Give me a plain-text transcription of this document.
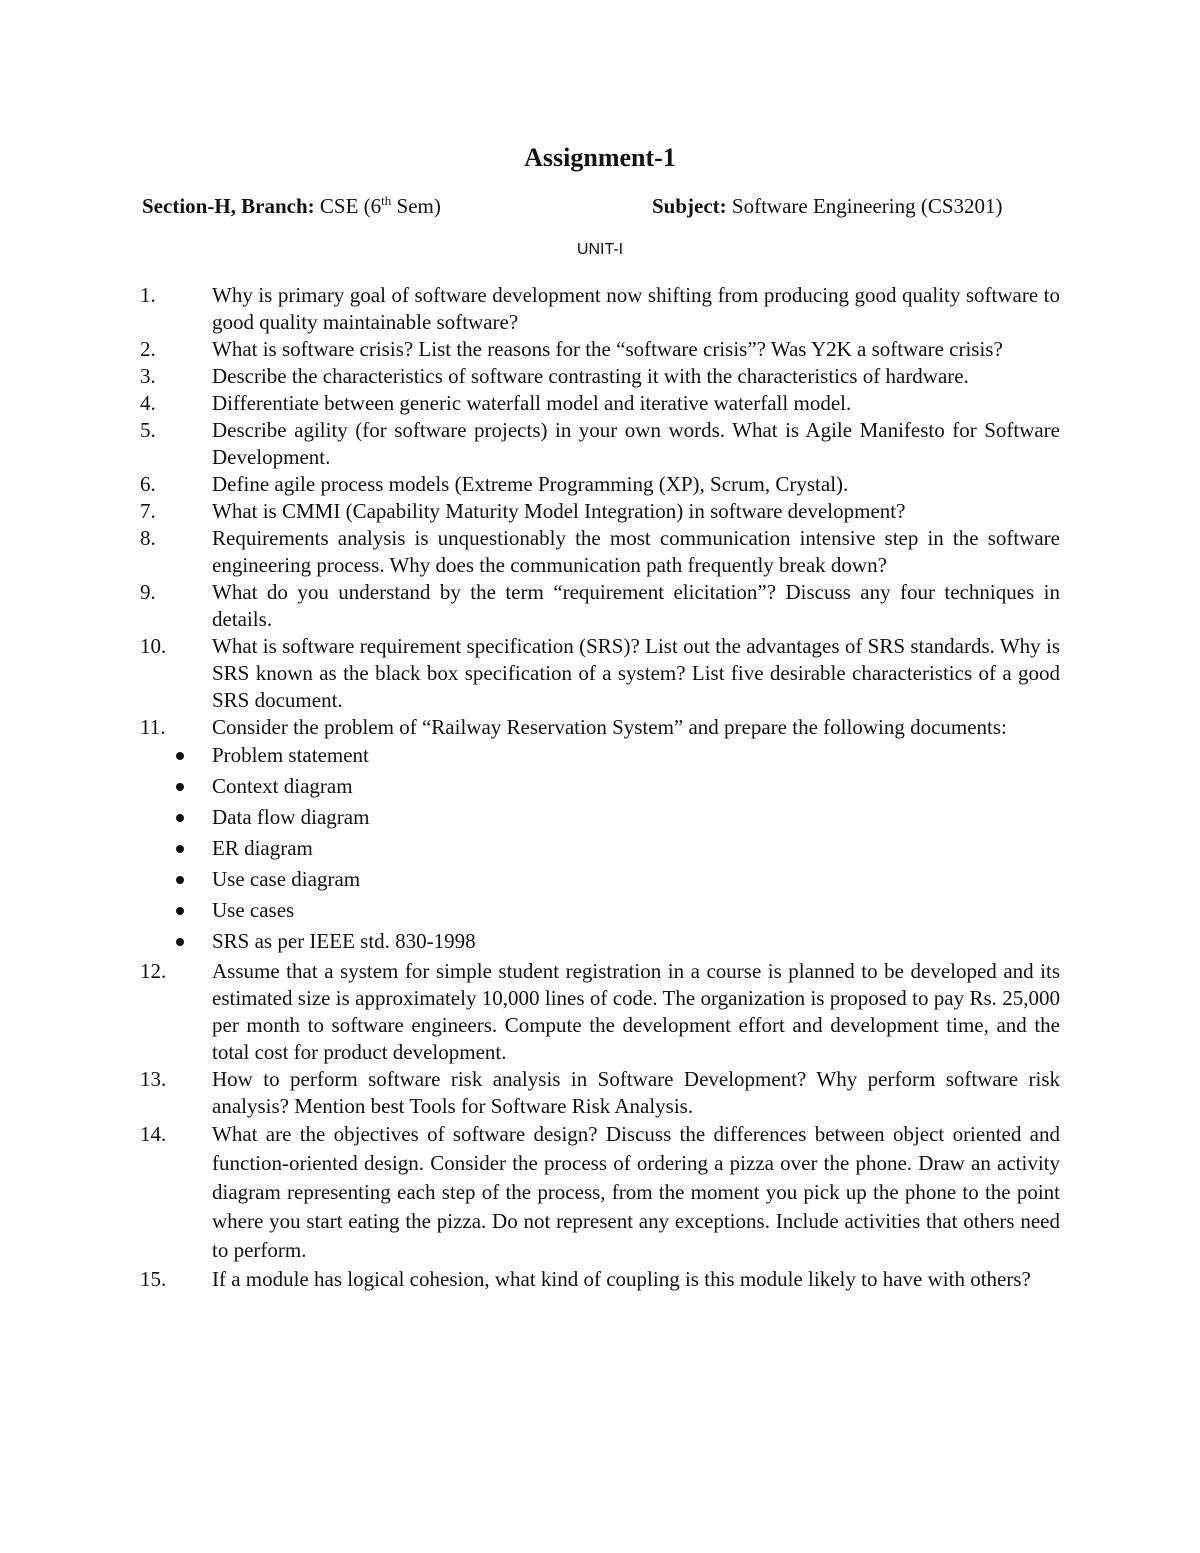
Assignment-1
Section-H, Branch: CSE (6th Sem)	Subject: Software Engineering (CS3201)
UNIT-I
1.	Why is primary goal of software development now shifting from producing good quality software to good quality maintainable software?
2.	What is software crisis? List the reasons for the “software crisis”? Was Y2K a software crisis?
3.	Describe the characteristics of software contrasting it with the characteristics of hardware.
4.	Differentiate between generic waterfall model and iterative waterfall model.
5.	Describe agility (for software projects) in your own words. What is Agile Manifesto for Software Development.
6.	Define agile process models (Extreme Programming (XP), Scrum, Crystal).
7.	What is CMMI (Capability Maturity Model Integration) in software development?
8.	Requirements analysis is unquestionably the most communication intensive step in the software engineering process. Why does the communication path frequently break down?
9.	What do you understand by the term “requirement elicitation”? Discuss any four techniques in details.
10.	What is software requirement specification (SRS)? List out the advantages of SRS standards. Why is SRS known as the black box specification of a system? List five desirable characteristics of a good SRS document.
11.	Consider the problem of “Railway Reservation System” and prepare the following documents:
Problem statement
Context diagram
Data flow diagram
ER diagram
Use case diagram
Use cases
SRS as per IEEE std. 830-1998
12.	Assume that a system for simple student registration in a course is planned to be developed and its estimated size is approximately 10,000 lines of code. The organization is proposed to pay Rs. 25,000 per month to software engineers. Compute the development effort and development time, and the total cost for product development.
13.	How to perform software risk analysis in Software Development? Why perform software risk analysis? Mention best Tools for Software Risk Analysis.
14.	What are the objectives of software design? Discuss the differences between object oriented and function-oriented design. Consider the process of ordering a pizza over the phone. Draw an activity diagram representing each step of the process, from the moment you pick up the phone to the point where you start eating the pizza. Do not represent any exceptions. Include activities that others need to perform.
15.	If a module has logical cohesion, what kind of coupling is this module likely to have with others?
